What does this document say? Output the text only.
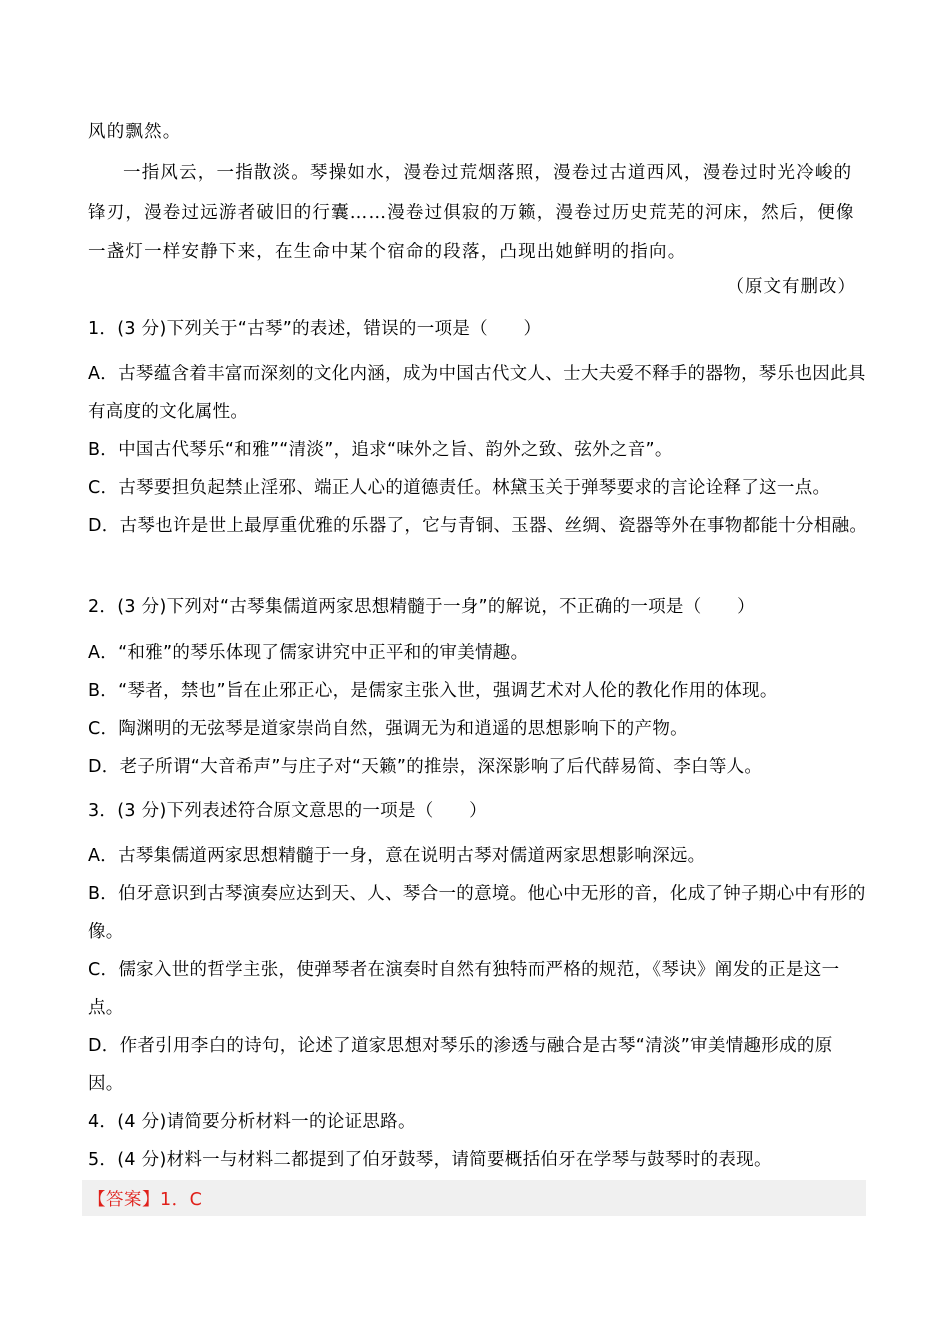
风的飘然。
一指风云，一指散淡。琴操如水，漫卷过荒烟落照，漫卷过古道西风，漫卷过时光冷峻的
锋刃，漫卷过远游者破旧的行囊……漫卷过俱寂的万籁，漫卷过历史荒芜的河床，然后，便像
一盏灯一样安静下来，在生命中某个宿命的段落，凸现出她鲜明的指向。
（原文有删改）
1．(3 分)下列关于“古琴”的表述，错误的一项是（　　）
A．古琴蕴含着丰富而深刻的文化内涵，成为中国古代文人、士大夫爱不释手的器物，琴乐也因此具有高度的文化属性。
B．中国古代琴乐“和雅”“清淡”，追求“味外之旨、韵外之致、弦外之音”。
C．古琴要担负起禁止淫邪、端正人心的道德责任。林黛玉关于弹琴要求的言论诠释了这一点。
D．古琴也许是世上最厚重优雅的乐器了，它与青铜、玉器、丝绸、瓷器等外在事物都能十分相融。
2．(3 分)下列对“古琴集儒道两家思想精髓于一身”的解说，不正确的一项是（　　）
A．“和雅”的琴乐体现了儒家讲究中正平和的审美情趣。
B．“琴者，禁也”旨在止邪正心，是儒家主张入世，强调艺术对人伦的教化作用的体现。
C．陶渊明的无弦琴是道家崇尚自然，强调无为和逍遥的思想影响下的产物。
D．老子所谓“大音希声”与庄子对“天籁”的推崇，深深影响了后代薛易简、李白等人。
3．(3 分)下列表述符合原文意思的一项是（　　）
A．古琴集儒道两家思想精髓于一身，意在说明古琴对儒道两家思想影响深远。
B．伯牙意识到古琴演奏应达到天、人、琴合一的意境。他心中无形的音，化成了钟子期心中有形的像。
C．儒家入世的哲学主张，使弹琴者在演奏时自然有独特而严格的规范，《琴诀》阐发的正是这一点。
D．作者引用李白的诗句，论述了道家思想对琴乐的渗透与融合是古琴“清淡”审美情趣形成的原因。
4．(4 分)请简要分析材料一的论证思路。
5．(4 分)材料一与材料二都提到了伯牙鼓琴，请简要概括伯牙在学琴与鼓琴时的表现。
【答案】1．C
